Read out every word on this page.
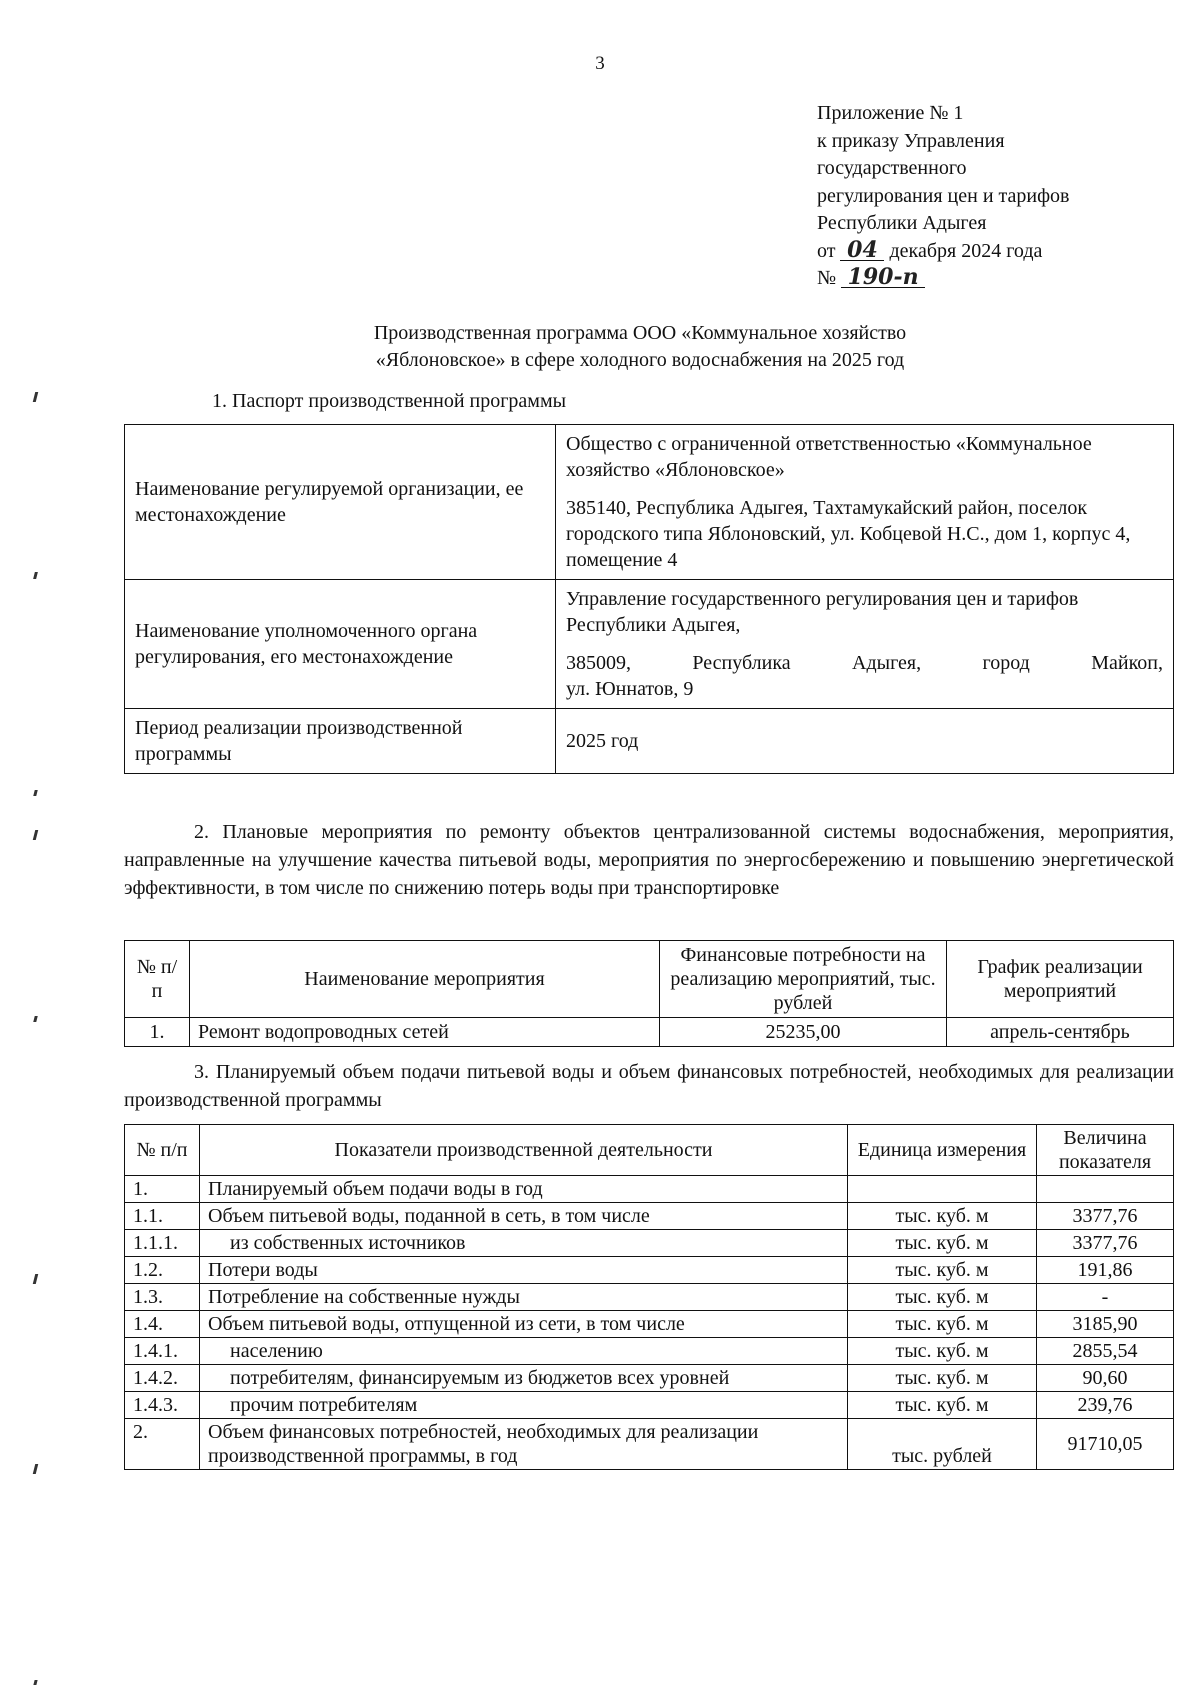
3
Приложение № 1
к приказу Управления
государственного
регулирования цен и тарифов
Республики Адыгея
от 04 декабря 2024 года
№ 190-п
Производственная программа ООО «Коммунальное хозяйство
«Яблоновское» в сфере холодного водоснабжения на 2025 год
1. Паспорт производственной программы
Наименование регулируемой организации, ее местонахождение	Общество с ограниченной ответственностью «Коммунальное хозяйство «Яблоновское»

385140, Республика Адыгея, Тахтамукайский район, поселок городского типа Яблоновский, ул. Кобцевой Н.С., дом 1, корпус 4, помещение 4

Наименование уполномоченного органа регулирования, его местонахождение	Управление государственного регулирования цен и тарифов Республики Адыгея,

385009, Республика Адыгея, город Майкоп,

ул. Юннатов, 9

Период реализации производственной программы	2025 год

2. Плановые мероприятия по ремонту объектов централизованной системы водоснабжения, мероприятия, направленные на улучшение качества питьевой воды, мероприятия по энергосбережению и повышению энергетической эффективности, в том числе по снижению потерь воды при транспортировке

№ п/п	Наименование мероприятия	Финансовые потребности на реализацию мероприятий, тыс. рублей	График реализации мероприятий
1.	Ремонт водопроводных сетей	25235,00	апрель-сентябрь

3. Планируемый объем подачи питьевой воды и объем финансовых потребностей, необходимых для реализации производственной программы

№ п/п	Показатели производственной деятельности	Единица измерения	Величина показателя
1.	Планируемый объем подачи воды в год		
1.1.	Объем питьевой воды, поданной в сеть, в том числе	тыс. куб. м	3377,76
1.1.1.	из собственных источников	тыс. куб. м	3377,76
1.2.	Потери воды	тыс. куб. м	191,86
1.3.	Потребление на собственные нужды	тыс. куб. м	-
1.4.	Объем питьевой воды, отпущенной из сети, в том числе	тыс. куб. м	3185,90
1.4.1.	населению	тыс. куб. м	2855,54
1.4.2.	потребителям, финансируемым из бюджетов всех уровней	тыс. куб. м	90,60
1.4.3.	прочим потребителям	тыс. куб. м	239,76
2.	Объем финансовых потребностей, необходимых для реализации производственной программы, в год	тыс. рублей	91710,05
